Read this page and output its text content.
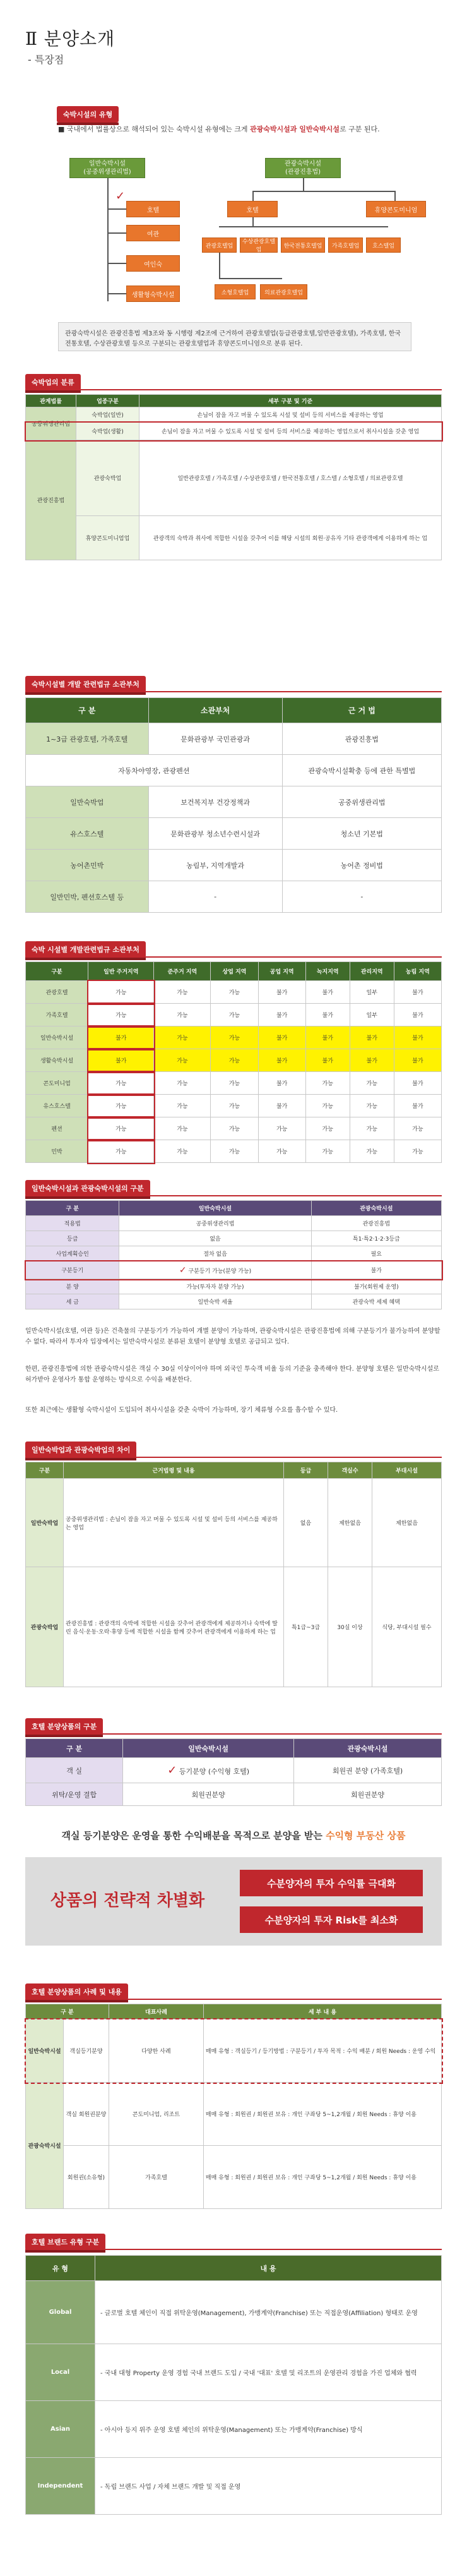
Ⅱ 분양소개
- 특장점
숙박시설의 유형
■ 국내에서 법률상으로 해석되어 있는 숙박시설 유형에는 크게 관광숙박시설과 일반숙박시설로 구분 된다.
일반숙박시설
(공중위생관리법)
호텔
여관
여인숙
생활형숙박시설
✓
관광숙박시설
(관광진흥법)
호텔	휴양콘도미니엄
관광호텔업
수상관광호텔업
한국전통호텔업	가족호텔업	호스텔업
소형호텔업	의료관광호텔업
관광숙박시설은 관광진흥법 제3조와 동 시행령 제2조에 근거하여 관광호텔업(등급관광호텔,일반관광호텔), 가족호텔, 한국전통호텔, 수상관광호텔 등으로 구분되는 관광호텔업과 휴양콘도미니엄으로 분류 된다.
숙박업의 분류
관계법률	업종구분	세부 구분 및 기준
공중위생관리법	숙박업(일반)	손님이 잠을 자고 머물 수 있도록 시설 및 설비 등의 서비스를 제공하는 영업
	숙박업(생활)	손님이 잠을 자고 머물 수 있도록 시설 및 설비 등의 서비스를 제공하는 영업으로서 취사시설을 갖춘 영업
관광진흥법	관광숙박업	일반관광호텔 / 가족호텔 / 수상관광호텔 / 한국전통호텔 / 호스텔 / 소형호텔 / 의료관광호텔
	휴양콘도미니엄업	관광객의 숙박과 취사에 적합한 시설을 갖추어 이를 해당 시설의 회원·공유자 기타 관광객에게 이용하게 하는 업
숙박시설별 개발 관련법규 소관부처
구 분	소관부처	근 거 법
1~3급 관광호텔, 가족호텔	문화관광부 국민관광과	관광진흥법
자동차야영장, 관광펜션		관광숙박시설확충 등에 관한 특별법
일반숙박업	보건복지부 건강정책과	공중위생관리법
유스호스텔	문화관광부 청소년수련시설과	청소년 기본법
농어촌민박	농림부, 지역개발과	농어촌 정비법
일반민박, 펜션호스텔 등	-	-
숙박 시설별 개발관련법규 소관부처
구분	일반 주거지역	준주거 지역	상업 지역	공업 지역	녹지지역	관리지역	농림 지역
관광호텔	가능	가능	가능	불가	불가	일부	불가
가족호텔	가능	가능	가능	불가	불가	일부	불가
일반숙박시설	불가	가능	가능	불가	불가	불가	불가
생활숙박시설	불가	가능	가능	불가	불가	불가	불가
콘도미니엄	가능	가능	가능	불가	가능	가능	불가
유스호스텔	가능	가능	가능	불가	가능	가능	불가
펜션	가능	가능	가능	가능	가능	가능	가능
민박	가능	가능	가능	가능	가능	가능	가능
일반숙박시설과 관광숙박시설의 구분
구 분	일반숙박시설	관광숙박시설
적용법	공중위생관리법	관광진흥법
등급	없음	특1·특2·1·2·3등급
사업계획승인	절차 없음	필요
구분등기	✓ 구분등기 가능(분양 가능)	불가
분 양	가능(투자자 분양 가능)	불가(회원제 운영)
세 금	일반숙박 세율	관광숙박 세제 혜택
일반숙박시설(호텔, 여관 등)은 건축물의 구분등기가 가능하여 개별 분양이 가능하며, 관광숙박시설은 관광진흥법에 의해 구분등기가 불가능하여 분양할 수 없다. 따라서 투자자 입장에서는 일반숙박시설로 분류된 호텔이 분양형 호텔로 공급되고 있다.
한편, 관광진흥법에 의한 관광숙박시설은 객실 수 30실 이상이어야 하며 외국인 투숙객 비율 등의 기준을 충족해야 한다. 분양형 호텔은 일반숙박시설로 허가받아 운영사가 통합 운영하는 방식으로 수익을 배분한다.
또한 최근에는 생활형 숙박시설이 도입되어 취사시설을 갖춘 숙박이 가능하며, 장기 체류형 수요를 흡수할 수 있다.
일반숙박업과 관광숙박업의 차이
구분	근거법령 및 내용	등급	객실수	부대시설
일반숙박업	공중위생관리법 : 손님이 잠을 자고 머물 수 있도록 시설 및 설비 등의 서비스를 제공하는 영업	없음	제한없음	제한없음
관광숙박업	관광진흥법 : 관광객의 숙박에 적합한 시설을 갖추어 관광객에게 제공하거나 숙박에 딸린 음식·운동·오락·휴양 등에 적합한 시설을 함께 갖추어 관광객에게 이용하게 하는 업	특1급~3급	30실 이상	식당, 부대시설 필수
호텔 분양상품의 구분
구 분	일반숙박시설	관광숙박시설
객 실	✓ 등기분양 (수익형 호텔)	회원권 분양 (가족호텔)
위탁/운영 결합	회원권분양	회원권분양
객실 등기분양은 운영을 통한 수익배분을 목적으로 분양을 받는 수익형 부동산 상품
상품의 전략적 차별화
수분양자의 투자 수익률 극대화
수분양자의 투자 Risk를 최소화
호텔 분양상품의 사례 및 내용
구 분		대표사례	세 부 내 용
일반숙박시설	객실등기분양	다양한 사례	매매 유형 : 객실등기 / 등기방법 : 구분등기 / 투자 목적 : 수익 배분 / 회원 Needs : 운영 수익
관광숙박시설	객실 회원권분양	콘도미니엄, 리조트	매매 유형 : 회원권 / 회원권 보유 : 개인 구좌당 5~1,2개월 / 회원 Needs : 휴양 이용
	회원권(소유형)	가족호텔	매매 유형 : 회원권 / 회원권 보유 : 개인 구좌당 5~1,2개월 / 회원 Needs : 휴양 이용
호텔 브랜드 유형 구분
유 형	내 용
Global	- 글로벌 호텔 체인이 직접 위탁운영(Management), 가맹계약(Franchise) 또는 직접운영(Affiliation) 형태로 운영
Local	- 국내 대형 Property 운영 경험 국내 브랜드 도입 / 국내 '대표' 호텔 및 리조트의 운영관리 경험을 가진 업체와 협력
Asian	- 아시아 등지 위주 운영 호텔 체인의 위탁운영(Management) 또는 가맹계약(Franchise) 방식
Independent	- 독립 브랜드 사업 / 자체 브랜드 개발 및 직접 운영
